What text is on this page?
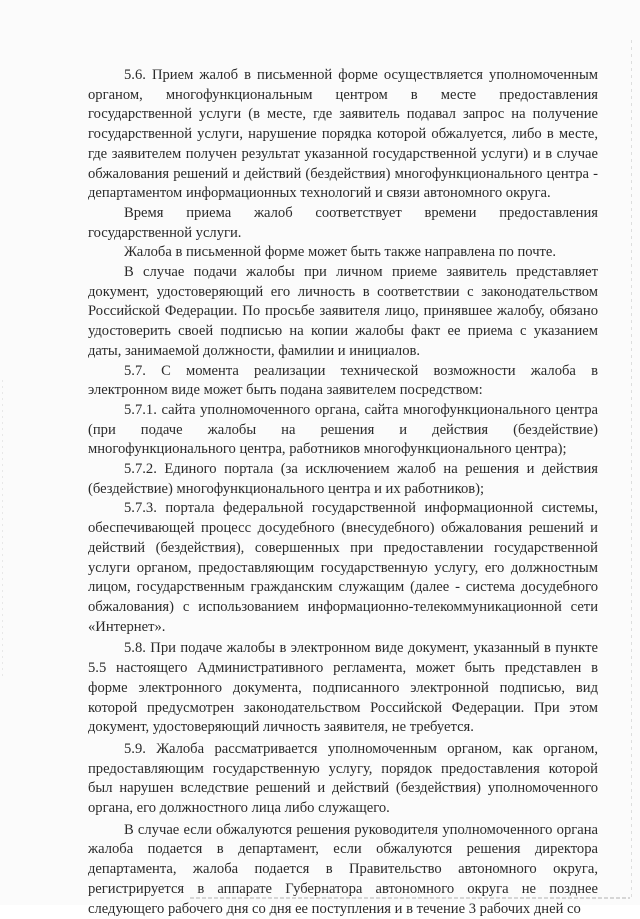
5.6. Прием жалоб в письменной форме осуществляется уполномоченным органом, многофункциональным центром в месте предоставления государственной услуги (в месте, где заявитель подавал запрос на получение государственной услуги, нарушение порядка которой обжалуется, либо в месте, где заявителем получен результат указанной государственной услуги) и в случае обжалования решений и действий (бездействия) многофункционального центра - департаментом информационных технологий и связи автономного округа.

Время приема жалоб соответствует времени предоставления государственной услуги.

Жалоба в письменной форме может быть также направлена по почте.

В случае подачи жалобы при личном приеме заявитель представляет документ, удостоверяющий его личность в соответствии с законодательством Российской Федерации. По просьбе заявителя лицо, принявшее жалобу, обязано удостоверить своей подписью на копии жалобы факт ее приема с указанием даты, занимаемой должности, фамилии и инициалов.

5.7. С момента реализации технической возможности жалоба в электронном виде может быть подана заявителем посредством:

5.7.1. сайта уполномоченного органа, сайта многофункционального центра (при подаче жалобы на решения и действия (бездействие) многофункционального центра, работников многофункционального центра);

5.7.2. Единого портала (за исключением жалоб на решения и действия (бездействие) многофункционального центра и их работников);

5.7.3. портала федеральной государственной информационной системы, обеспечивающей процесс досудебного (внесудебного) обжалования решений и действий (бездействия), совершенных при предоставлении государственной услуги органом, предоставляющим государственную услугу, его должностным лицом, государственным гражданским служащим (далее - система досудебного обжалования) с использованием информационно-телекоммуникационной сети «Интернет».

5.8. При подаче жалобы в электронном виде документ, указанный в пункте 5.5 настоящего Административного регламента, может быть представлен в форме электронного документа, подписанного электронной подписью, вид которой предусмотрен законодательством Российской Федерации. При этом документ, удостоверяющий личность заявителя, не требуется.

5.9. Жалоба рассматривается уполномоченным органом, как органом, предоставляющим государственную услугу, порядок предоставления которой был нарушен вследствие решений и действий (бездействия) уполномоченного органа, его должностного лица либо служащего.

В случае если обжалуются решения руководителя уполномоченного органа жалоба подается в департамент, если обжалуются решения директора департамента, жалоба подается в Правительство автономного округа, регистрируется в аппарате Губернатора автономного округа не позднее следующего рабочего дня со дня ее поступления и в течение 3 рабочих дней со
